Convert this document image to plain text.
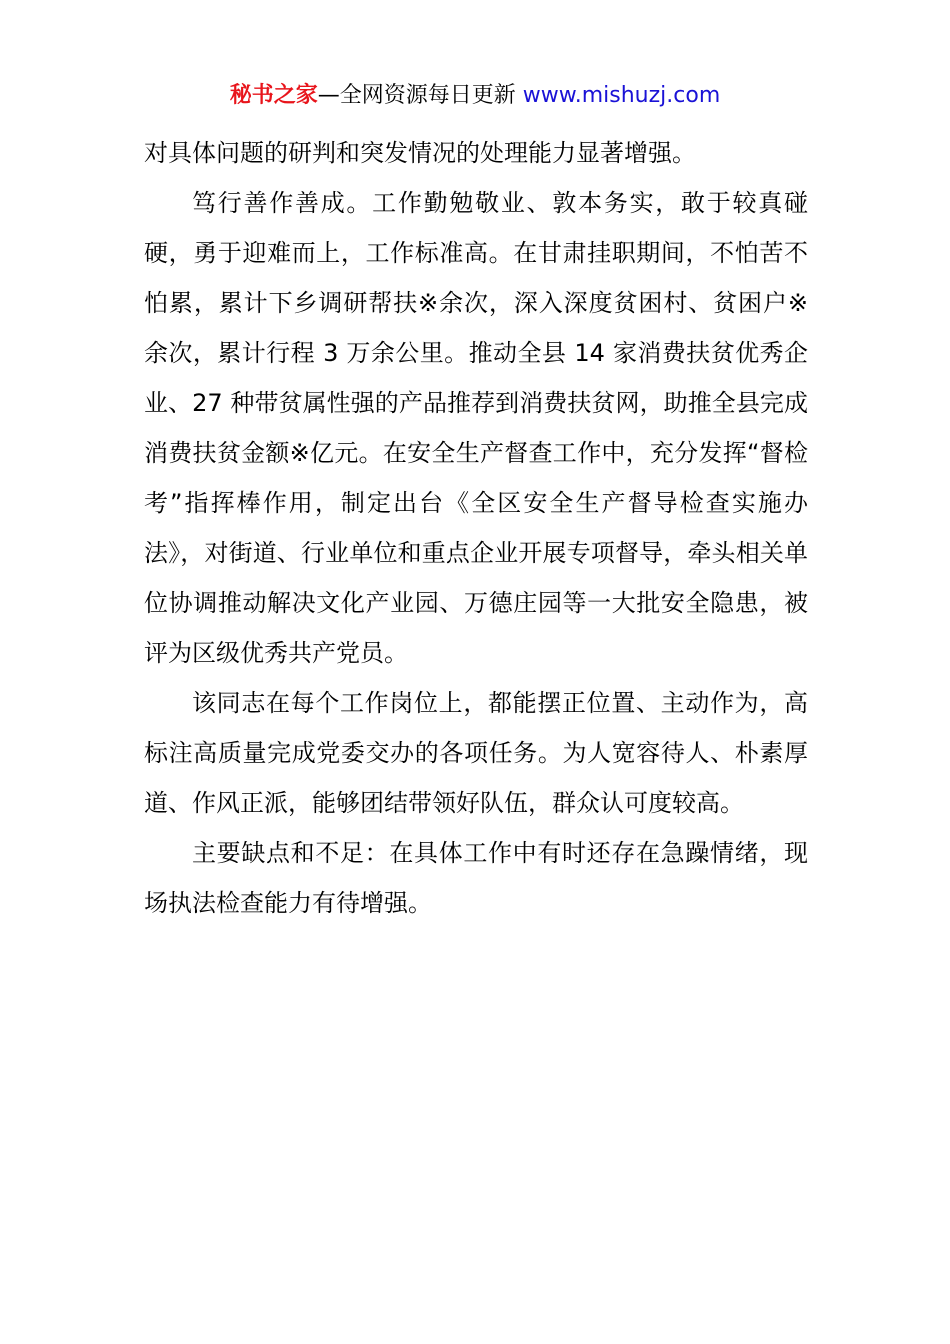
秘书之家—全网资源每日更新 www.mishuzj.com

对具体问题的研判和突发情况的处理能力显著增强。

笃行善作善成。工作勤勉敬业、敦本务实，敢于较真碰硬，勇于迎难而上，工作标准高。在甘肃挂职期间，不怕苦不怕累，累计下乡调研帮扶※余次，深入深度贫困村、贫困户※余次，累计行程 3 万余公里。推动全县 14 家消费扶贫优秀企业、27 种带贫属性强的产品推荐到消费扶贫网，助推全县完成消费扶贫金额※亿元。在安全生产督查工作中，充分发挥“督检考”指挥棒作用，制定出台《全区安全生产督导检查实施办法》，对街道、行业单位和重点企业开展专项督导，牵头相关单位协调推动解决文化产业园、万德庄园等一大批安全隐患，被评为区级优秀共产党员。

该同志在每个工作岗位上，都能摆正位置、主动作为，高标注高质量完成党委交办的各项任务。为人宽容待人、朴素厚道、作风正派，能够团结带领好队伍，群众认可度较高。

主要缺点和不足：在具体工作中有时还存在急躁情绪，现场执法检查能力有待增强。
